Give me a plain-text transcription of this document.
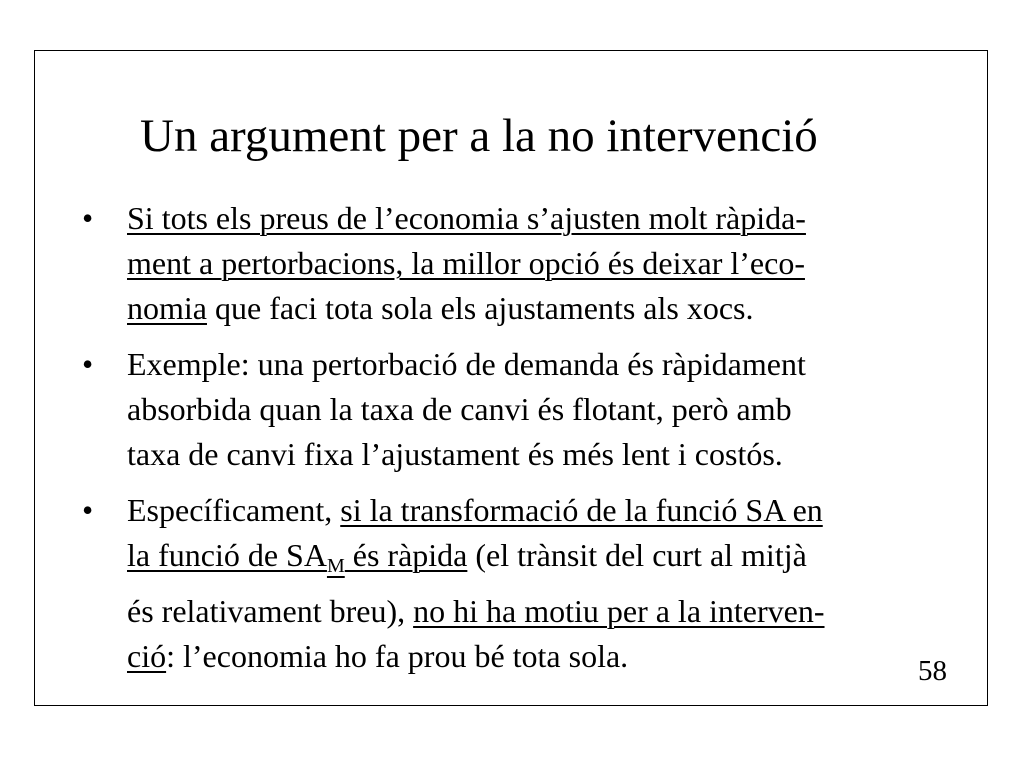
Un argument per a la no intervenció
•	Si tots els preus de l’economia s’ajusten molt ràpida-
ment a pertorbacions, la millor opció és deixar l’eco-
nomia que faci tota sola els ajustaments als xocs.
•	Exemple: una pertorbació de demanda és ràpidament
absorbida quan la taxa de canvi és flotant, però amb
taxa de canvi fixa l’ajustament és més lent i costós.
•	Específicament, si la transformació de la funció SA en
la funció de $SA_M$ és ràpida (el trànsit del curt al mitjà
és relativament breu), no hi ha motiu per a la interven-
ció: l’economia ho fa prou bé tota sola.	58
